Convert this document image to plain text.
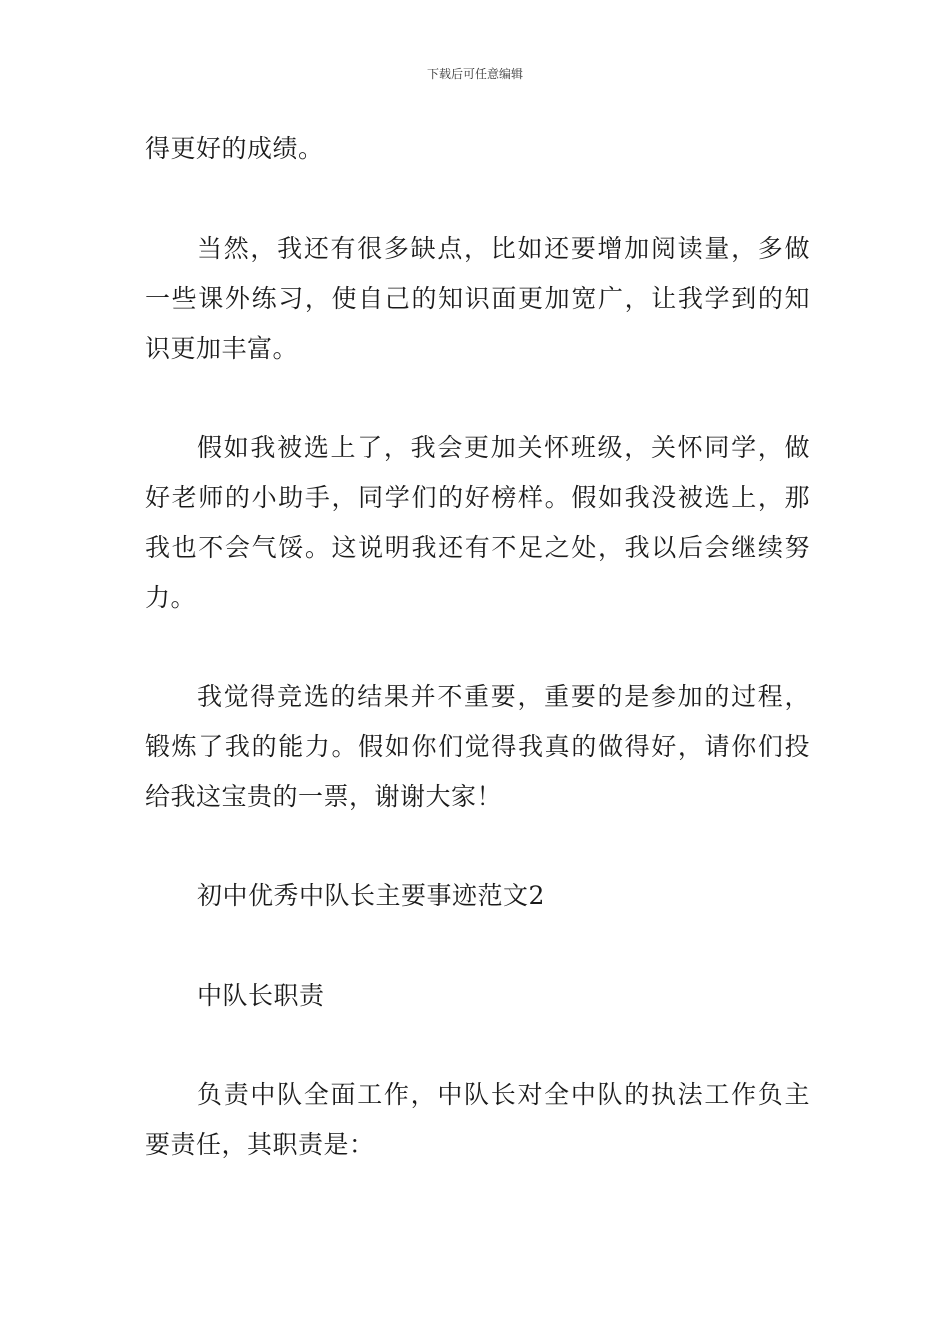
下载后可任意编辑

得更好的成绩。

当然，我还有很多缺点，比如还要增加阅读量，多做
一些课外练习，使自己的知识面更加宽广，让我学到的知
识更加丰富。

假如我被选上了，我会更加关怀班级，关怀同学，做
好老师的小助手，同学们的好榜样。假如我没被选上，那
我也不会气馁。这说明我还有不足之处，我以后会继续努
力。

我觉得竞选的结果并不重要，重要的是参加的过程，
锻炼了我的能力。假如你们觉得我真的做得好，请你们投
给我这宝贵的一票，谢谢大家！

初中优秀中队长主要事迹范文2

中队长职责

负责中队全面工作，中队长对全中队的执法工作负主
要责任，其职责是：
